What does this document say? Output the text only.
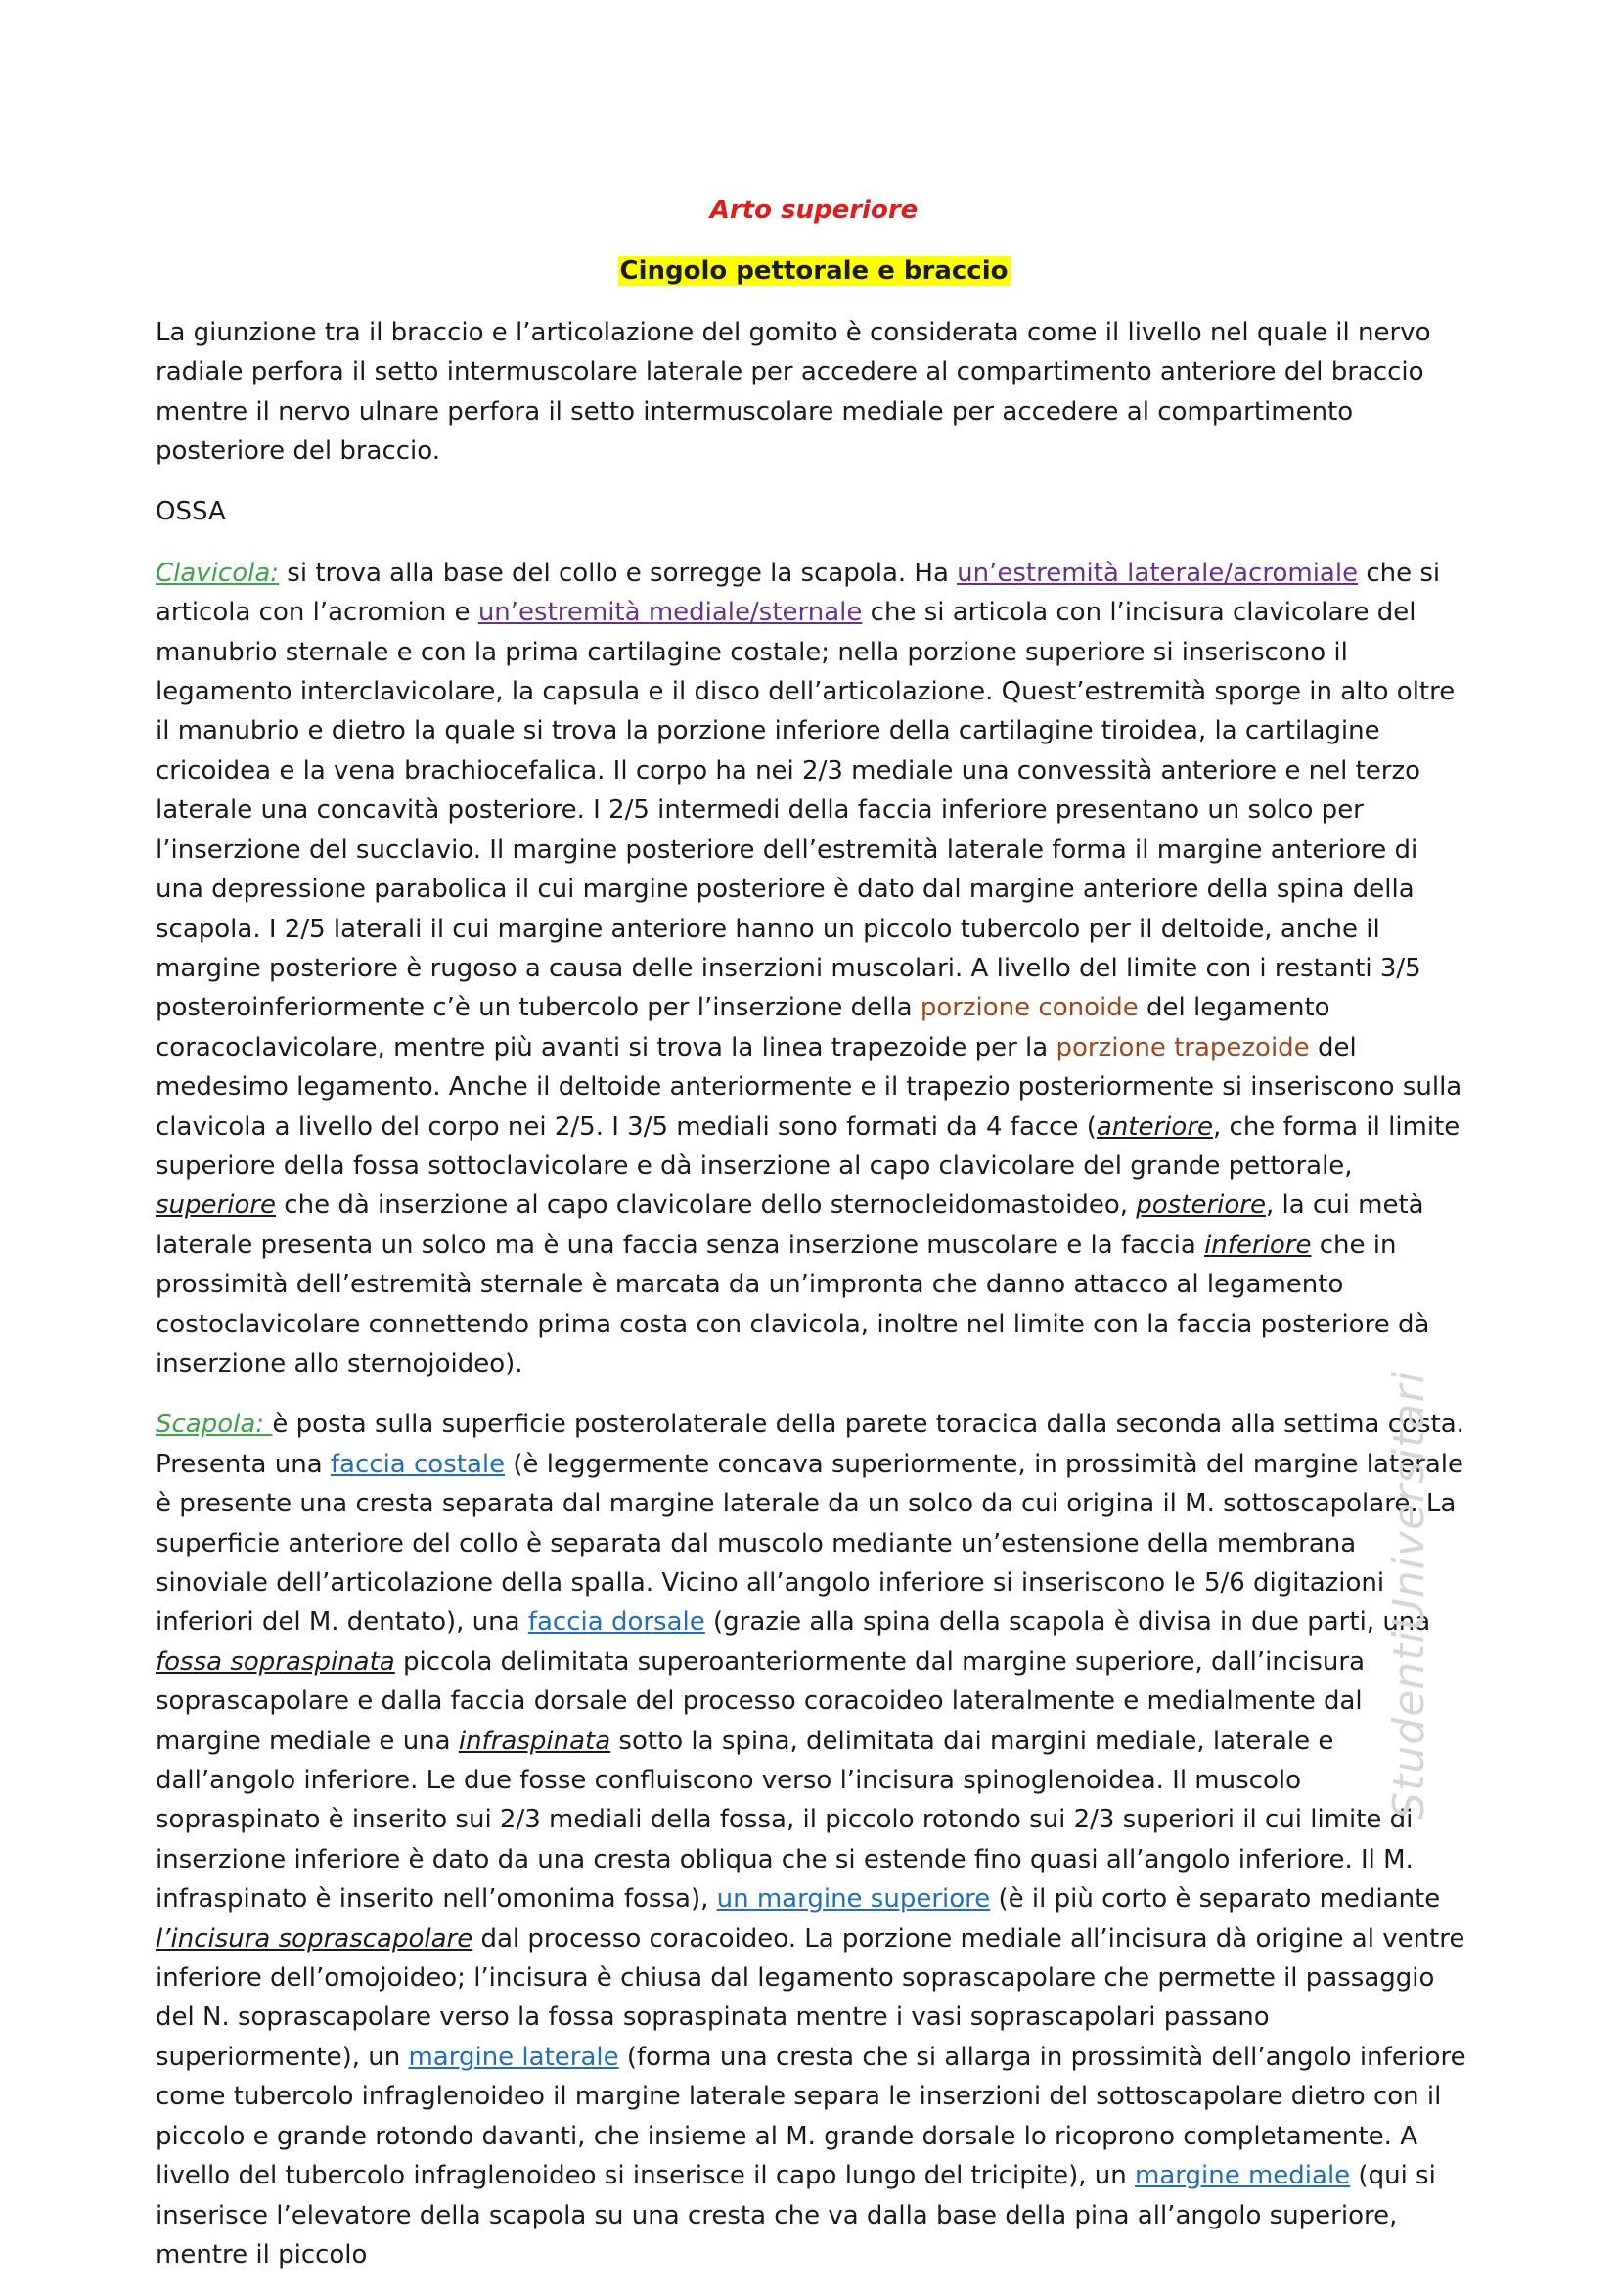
Arto superiore
Cingolo pettorale e braccio

La giunzione tra il braccio e l’articolazione del gomito è considerata come il livello nel quale il nervo radiale perfora il setto intermuscolare laterale per accedere al compartimento anteriore del braccio mentre il nervo ulnare perfora il setto intermuscolare mediale per accedere al compartimento posteriore del braccio.

OSSA

Clavicola: si trova alla base del collo e sorregge la scapola. Ha un’estremità laterale/acromiale che si articola con l’acromion e un’estremità mediale/sternale che si articola con l’incisura clavicolare del manubrio sternale e con la prima cartilagine costale; nella porzione superiore si inseriscono il legamento interclavicolare, la capsula e il disco dell’articolazione. Quest’estremità sporge in alto oltre il manubrio e dietro la quale si trova la porzione inferiore della cartilagine tiroidea, la cartilagine cricoidea e la vena brachiocefalica. Il corpo ha nei 2/3 mediale una convessità anteriore e nel terzo laterale una concavità posteriore. I 2/5 intermedi della faccia inferiore presentano un solco per l’inserzione del succlavio. Il margine posteriore dell’estremità laterale forma il margine anteriore di una depressione parabolica il cui margine posteriore è dato dal margine anteriore della spina della scapola. I 2/5 laterali il cui margine anteriore hanno un piccolo tubercolo per il deltoide, anche il margine posteriore è rugoso a causa delle inserzioni muscolari. A livello del limite con i restanti 3/5 posteroinferiormente c’è un tubercolo per l’inserzione della porzione conoide del legamento coracoclavicolare, mentre più avanti si trova la linea trapezoide per la porzione trapezoide del medesimo legamento. Anche il deltoide anteriormente e il trapezio posteriormente si inseriscono sulla clavicola a livello del corpo nei 2/5. I 3/5 mediali sono formati da 4 facce (anteriore, che forma il limite superiore della fossa sottoclavicolare e dà inserzione al capo clavicolare del grande pettorale, superiore che dà inserzione al capo clavicolare dello sternocleidomastoideo, posteriore, la cui metà laterale presenta un solco ma è una faccia senza inserzione muscolare e la faccia inferiore che in prossimità dell’estremità sternale è marcata da un’impronta che danno attacco al legamento costoclavicolare connettendo prima costa con clavicola, inoltre nel limite con la faccia posteriore dà inserzione allo sternojoideo).

Scapola: è posta sulla superficie posterolaterale della parete toracica dalla seconda alla settima costa. Presenta una faccia costale (è leggermente concava superiormente, in prossimità del margine laterale è presente una cresta separata dal margine laterale da un solco da cui origina il M. sottoscapolare. La superficie anteriore del collo è separata dal muscolo mediante un’estensione della membrana sinoviale dell’articolazione della spalla. Vicino all’angolo inferiore si inseriscono le 5/6 digitazioni inferiori del M. dentato), una faccia dorsale (grazie alla spina della scapola è divisa in due parti, una fossa sopraspinata piccola delimitata superoanteriormente dal margine superiore, dall’incisura soprascapolare e dalla faccia dorsale del processo coracoideo lateralmente e medialmente dal margine mediale e una infraspinata sotto la spina, delimitata dai margini mediale, laterale e dall’angolo inferiore. Le due fosse confluiscono verso l’incisura spinoglenoidea. Il muscolo sopraspinato è inserito sui 2/3 mediali della fossa, il piccolo rotondo sui 2/3 superiori il cui limite di inserzione inferiore è dato da una cresta obliqua che si estende fino quasi all’angolo inferiore. Il M. infraspinato è inserito nell’omonima fossa), un margine superiore (è il più corto è separato mediante l’incisura soprascapolare dal processo coracoideo. La porzione mediale all’incisura dà origine al ventre inferiore dell’omojoideo; l’incisura è chiusa dal legamento soprascapolare che permette il passaggio del N. soprascapolare verso la fossa sopraspinata mentre i vasi soprascapolari passano superiormente), un margine laterale (forma una cresta che si allarga in prossimità dell’angolo inferiore come tubercolo infraglenoideo il margine laterale separa le inserzioni del sottoscapolare dietro con il piccolo e grande rotondo davanti, che insieme al M. grande dorsale lo ricoprono completamente. A livello del tubercolo infraglenoideo si inserisce il capo lungo del tricipite), un margine mediale (qui si inserisce l’elevatore della scapola su una cresta che va dalla base della pina all’angolo superiore, mentre il piccolo

StudentiUniversitari
